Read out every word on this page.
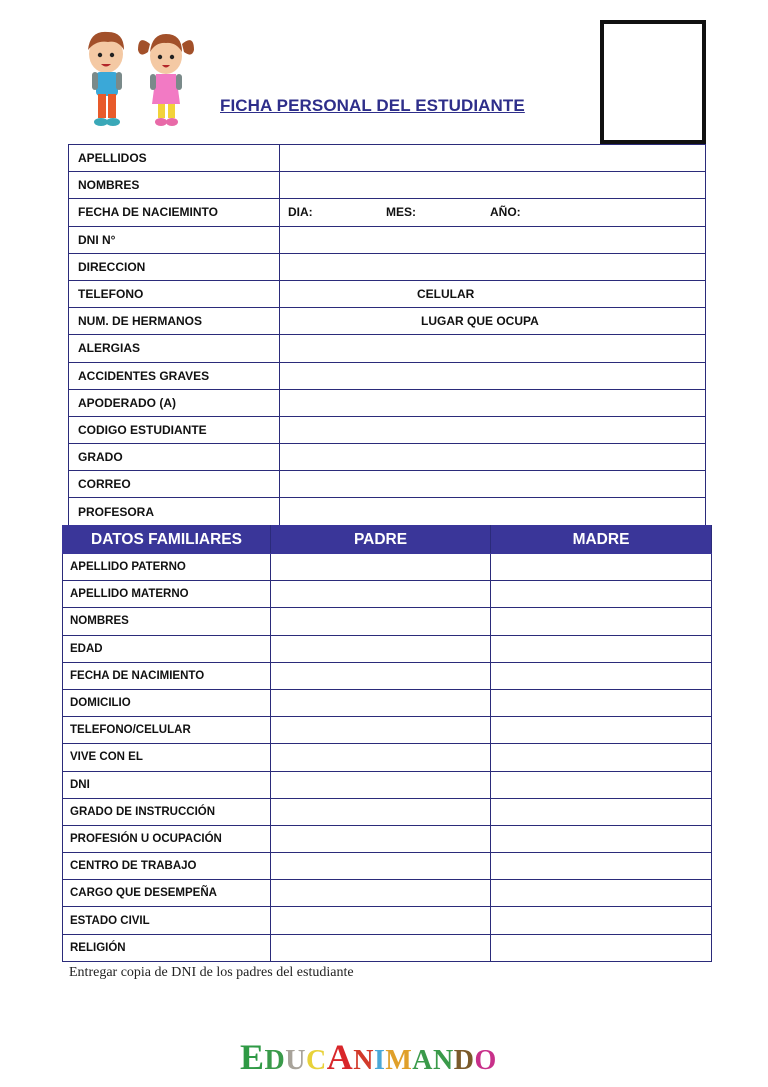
FICHA PERSONAL DEL ESTUDIANTE
APELLIDOS	
NOMBRES	
FECHA DE NACIEMINTO	DIA: MES: AÑO:

DNI N°	
DIRECCION	
TELEFONO	CELULAR

NUM. DE HERMANOS	LUGAR QUE OCUPA

ALERGIAS	
ACCIDENTES GRAVES	
APODERADO (A)	
CODIGO ESTUDIANTE	
GRADO	
CORREO	
PROFESORA	
DATOS FAMILIARES	PADRE	MADRE
APELLIDO PATERNO		
APELLIDO MATERNO		
NOMBRES		
EDAD		
FECHA DE NACIMIENTO		
DOMICILIO		
TELEFONO/CELULAR		
VIVE CON EL		
DNI		
GRADO DE INSTRUCCIÓN		
PROFESIÓN U OCUPACIÓN		
CENTRO DE TRABAJO		
CARGO QUE DESEMPEÑA		
ESTADO CIVIL		
RELIGIÓN		
Entregar copia de DNI de los padres del estudiante
EDUCANIMANDO
